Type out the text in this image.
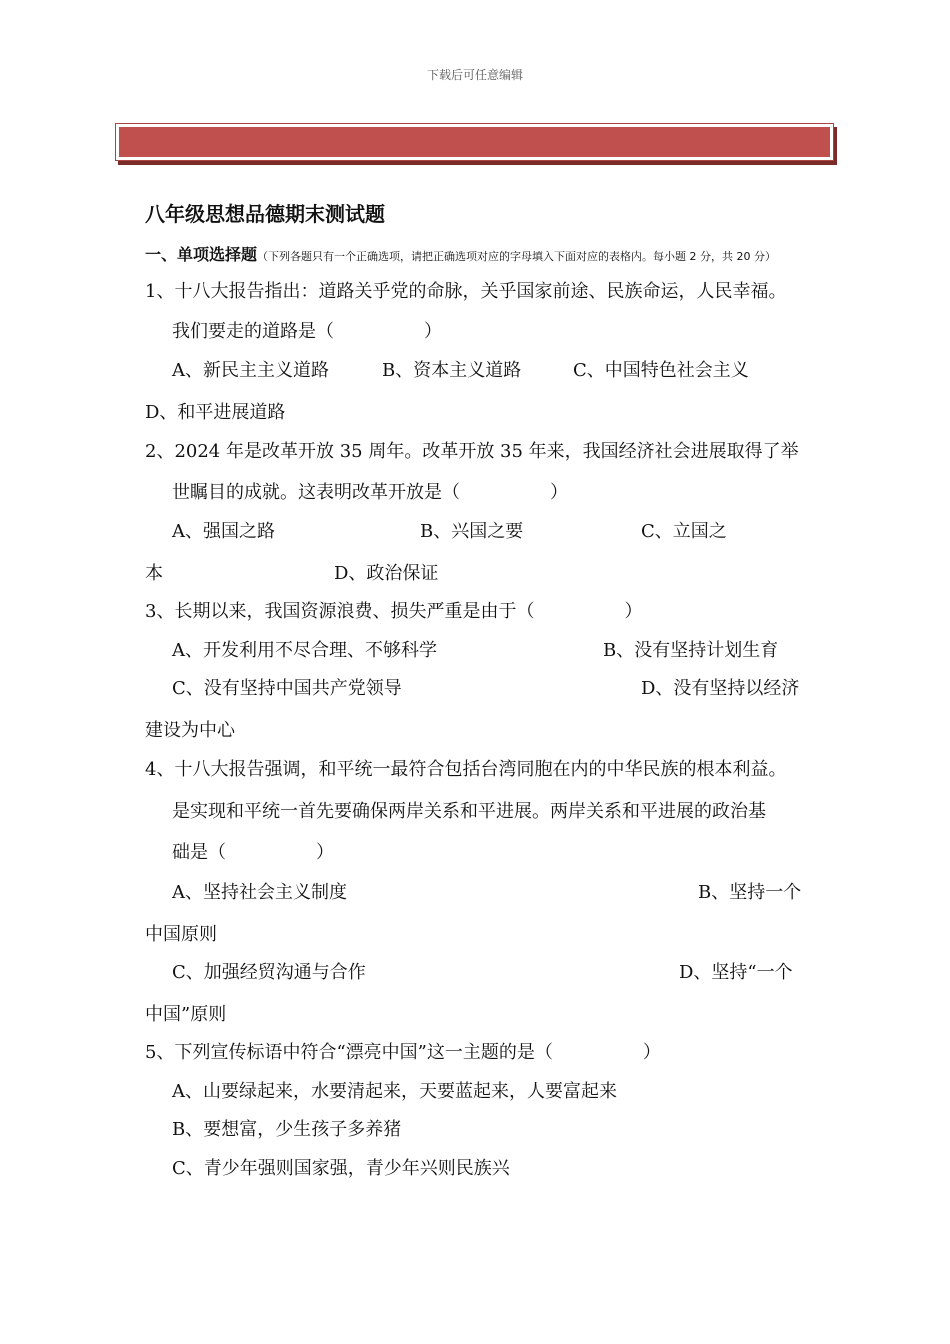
下载后可任意编辑
八年级思想品德期末测试题
一、单项选择题（下列各题只有一个正确选项，请把正确选项对应的字母填入下面对应的表格内。每小题 2 分，共 20 分）
1、十八大报告指出：道路关乎党的命脉，关乎国家前途、民族命运，人民幸福。
我们要走的道路是（　　　　　）
A、新民主主义道路	B、资本主义道路	C、中国特色社会主义
D、和平进展道路
2、2024 年是改革开放 35 周年。改革开放 35 年来，我国经济社会进展取得了举
世瞩目的成就。这表明改革开放是（　　　　　）
A、强国之路	B、兴国之要	C、立国之
本	D、政治保证
3、长期以来，我国资源浪费、损失严重是由于（　　　　　）
A、开发利用不尽合理、不够科学	B、没有坚持计划生育
C、没有坚持中国共产党领导	D、没有坚持以经济
建设为中心
4、十八大报告强调，和平统一最符合包括台湾同胞在内的中华民族的根本利益。
是实现和平统一首先要确保两岸关系和平进展。两岸关系和平进展的政治基
础是（　　　　　）
A、坚持社会主义制度	B、坚持一个
中国原则
C、加强经贸沟通与合作	D、坚持“一个
中国”原则
5、下列宣传标语中符合“漂亮中国”这一主题的是（　　　　　）
A、山要绿起来，水要清起来，天要蓝起来，人要富起来
B、要想富，少生孩子多养猪
C、青少年强则国家强，青少年兴则民族兴
